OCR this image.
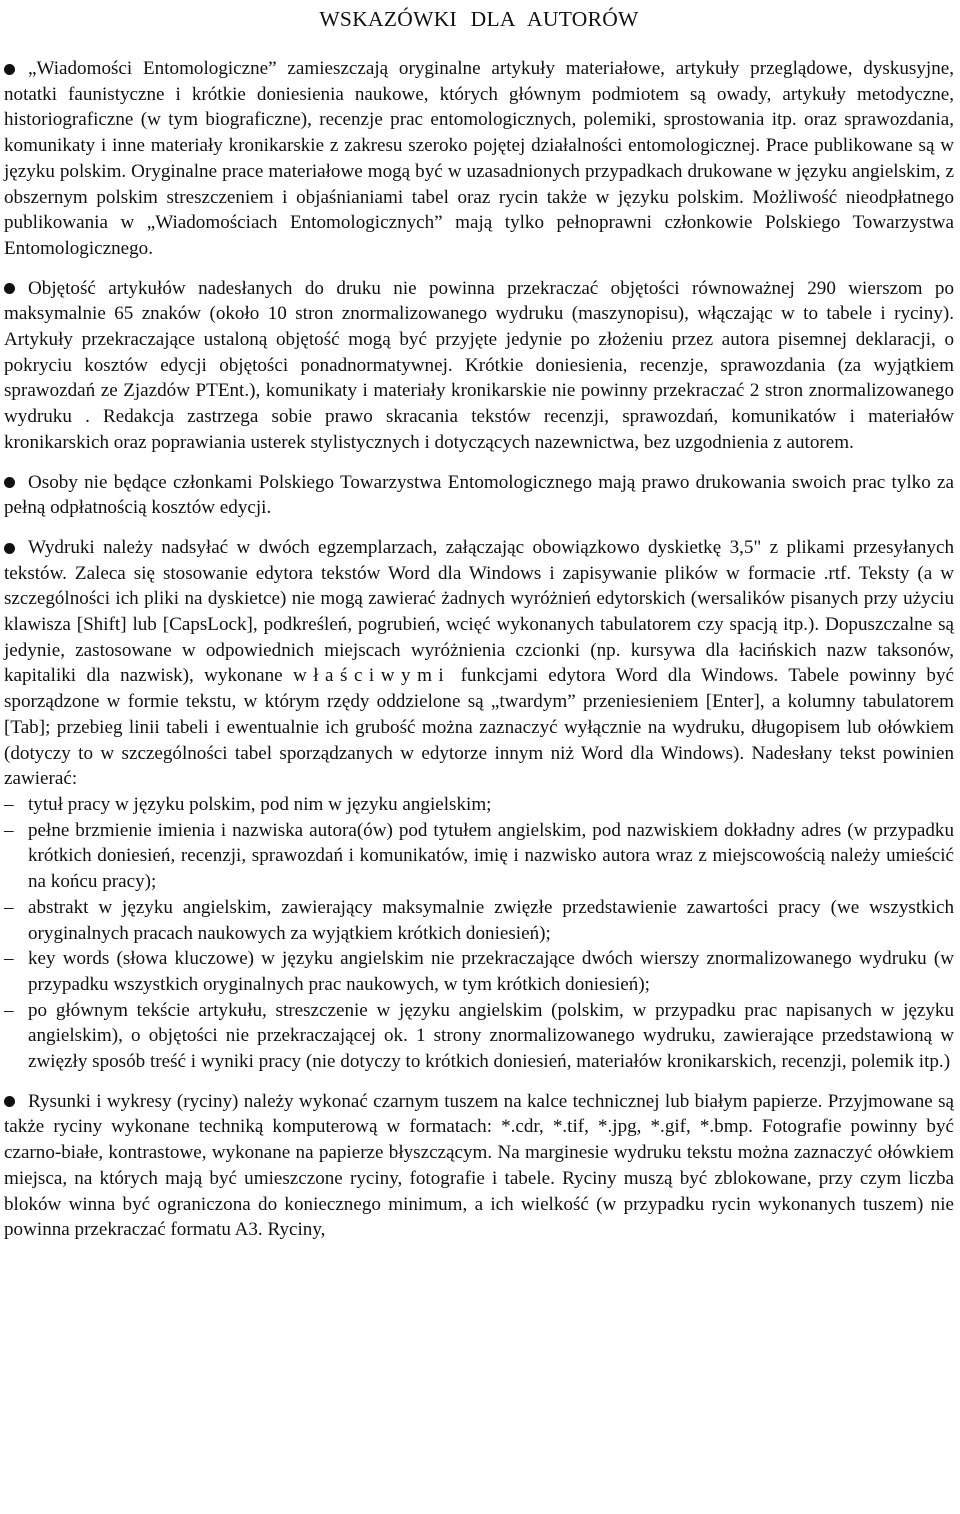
WSKAZÓWKI DLA AUTORÓW

„Wiadomości Entomologiczne” zamieszczają oryginalne artykuły materiałowe, artykuły przeglądowe, dyskusyjne, notatki faunistyczne i krótkie doniesienia naukowe, których głównym podmiotem są owady, artykuły metodyczne, historiograficzne (w tym biograficzne), recenzje prac entomologicznych, polemiki, sprostowania itp. oraz sprawozdania, komunikaty i inne materiały kronikarskie z zakresu szeroko pojętej działalności entomologicznej. Prace publikowane są w języku polskim. Oryginalne prace materiałowe mogą być w uzasadnionych przypadkach drukowane w języku angielskim, z obszernym polskim streszczeniem i objaśnianiami tabel oraz rycin także w języku polskim. Możliwość nieodpłatnego publikowania w „Wiadomościach Entomologicznych” mają tylko pełnoprawni członkowie Polskiego Towarzystwa Entomologicznego.

Objętość artykułów nadesłanych do druku nie powinna przekraczać objętości równoważnej 290 wierszom po maksymalnie 65 znaków (około 10 stron znormalizowanego wydruku (maszynopisu), włączając w to tabele i ryciny). Artykuły przekraczające ustaloną objętość mogą być przyjęte jedynie po złożeniu przez autora pisemnej deklaracji, o pokryciu kosztów edycji objętości ponadnormatywnej. Krótkie doniesienia, recenzje, sprawozdania (za wyjątkiem sprawozdań ze Zjazdów PTEnt.), komunikaty i materiały kronikarskie nie powinny przekraczać 2 stron znormalizowanego wydruku . Redakcja zastrzega sobie prawo skracania tekstów recenzji, sprawozdań, komunikatów i materiałów kronikarskich oraz poprawiania usterek stylistycznych i dotyczących nazewnictwa, bez uzgodnienia z autorem.

Osoby nie będące członkami Polskiego Towarzystwa Entomologicznego mają prawo drukowania swoich prac tylko za pełną odpłatnością kosztów edycji.

Wydruki należy nadsyłać w dwóch egzemplarzach, załączając obowiązkowo dyskietkę 3,5" z plikami przesyłanych tekstów. Zaleca się stosowanie edytora tekstów Word dla Windows i zapisywanie plików w formacie .rtf. Teksty (a w szczególności ich pliki na dyskietce) nie mogą zawierać żadnych wyróżnień edytorskich (wersalików pisanych przy użyciu klawisza [Shift] lub [CapsLock], podkreśleń, pogrubień, wcięć wykonanych tabulatorem czy spacją itp.). Dopuszczalne są jedynie, zastosowane w odpowiednich miejscach wyróżnienia czcionki (np. kursywa dla łacińskich nazw taksonów, kapitaliki dla nazwisk), wykonane właściwymi funkcjami edytora Word dla Windows. Tabele powinny być sporządzone w formie tekstu, w którym rzędy oddzielone są „twardym” przeniesieniem [Enter], a kolumny tabulatorem [Tab]; przebieg linii tabeli i ewentualnie ich grubość można zaznaczyć wyłącznie na wydruku, długopisem lub ołówkiem (dotyczy to w szczególności tabel sporządzanych w edytorze innym niż Word dla Windows). Nadesłany tekst powinien zawierać:

– tytuł pracy w języku polskim, pod nim w języku angielskim;
– pełne brzmienie imienia i nazwiska autora(ów) pod tytułem angielskim, pod nazwiskiem dokładny adres (w przypadku krótkich doniesień, recenzji, sprawozdań i komunikatów, imię i nazwisko autora wraz z miejscowością należy umieścić na końcu pracy);
– abstrakt w języku angielskim, zawierający maksymalnie zwięzłe przedstawienie zawartości pracy (we wszystkich oryginalnych pracach naukowych za wyjątkiem krótkich doniesień);
– key words (słowa kluczowe) w języku angielskim nie przekraczające dwóch wierszy znormalizowanego wydruku (w przypadku wszystkich oryginalnych prac naukowych, w tym krótkich doniesień);
– po głównym tekście artykułu, streszczenie w języku angielskim (polskim, w przypadku prac napisanych w języku angielskim), o objętości nie przekraczającej ok. 1 strony znormalizowanego wydruku, zawierające przedstawioną w zwięzły sposób treść i wyniki pracy (nie dotyczy to krótkich doniesień, materiałów kronikarskich, recenzji, polemik itp.)

Rysunki i wykresy (ryciny) należy wykonać czarnym tuszem na kalce technicznej lub białym papierze. Przyjmowane są także ryciny wykonane techniką komputerową w formatach: *.cdr, *.tif, *.jpg, *.gif, *.bmp. Fotografie powinny być czarno-białe, kontrastowe, wykonane na papierze błyszczącym. Na marginesie wydruku tekstu można zaznaczyć ołówkiem miejsca, na których mają być umieszczone ryciny, fotografie i tabele. Ryciny muszą być zblokowane, przy czym liczba bloków winna być ograniczona do koniecznego minimum, a ich wielkość (w przypadku rycin wykonanych tuszem) nie powinna przekraczać formatu A3. Ryciny,
